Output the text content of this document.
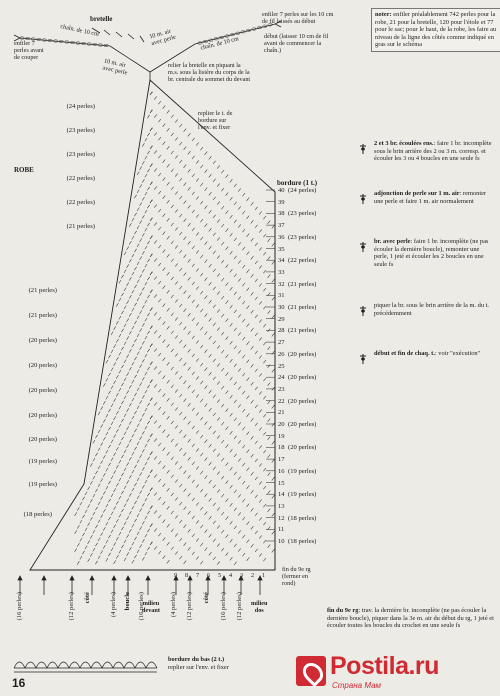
bretelle
chaîn. de 10 cm
chaîn. de 10 cm
10 m. air
avec perle
10 m. air
avec perle
enfiler 7
perles avant
de couper
enfiler 7 perles sur les 10 cm
de fil laissés au début
début (laisser 10 cm de fil
avant de commencer la
chaîn.)
relier la bretelle en piquant la
m.s. sous la lisière du corps de la
br. centrale du sommet du devant
replier le t. de
bordure sur
l'env. et fixer
noter: enfiler préalablement 742 perles pour la robe, 21 pour la bretelle, 120 pour l'étole et 77 pour le sac; pour le haut, de la robe, les faire au niveau de la ligne des côtés comme indiqué en gras sur le schéma
ROBE
2 et 3 br. écoulées ens.: faire 1 br. incomplète sous le brin arrière des 2 ou 3 m. corresp. et écouler les 3 ou 4 boucles en une seule fs
adjonction de perle sur 1 m. air: remonter une perle et faire 1 m. air normalement
br. avec perle: faire 1 br. incomplète (ne pas écouler la dernière boucle), remonter une perle, 1 jeté et écouler les 2 boucles en une seule fs
piquer la br. sous le brin arrière de la m. du t. précédemment
début et fin de chaq. t.: voir "exécution"
(24 perles)
(23 perles)
(23 perles)
(22 perles)
(22 perles)
(21 perles)
(21 perles)
(21 perles)
(20 perles)
(20 perles)
(20 perles)
(20 perles)
(20 perles)
(19 perles)
(19 perles)
(18 perles)
bordure (1 t.)
40 (24 perles)
39
38 (23 perles)
37
36 (23 perles)
35
34 (22 perles)
33
32 (21 perles)
31
30 (21 perles)
29
28 (21 perles)
27
26 (20 perles)
25
24 (20 perles)
23
22 (20 perles)
21
20 (20 perles)
19
18 (20 perles)
17
16 (19 perles)
15
14 (19 perles)
13
12 (18 perles)
11
10 (18 perles)
fin du 9e rg
(fermer en
rond)
(16 perles)	(12 perles) côté	(4 perles) boucle (16 perles)
milieu
devant (4 perles) (12 perles) côté (16 perles) (12 perles) milieu
dos
1
2
3
4
5
6
7
8
9
fin du 9e rg: trav. la dernière br. incomplète (ne pas écouler la dernière boucle), piquer dans la 3e m. air du début du rg, 1 jeté et écouler toutes les boucles du crochet en une seule fs
bordure du bas (2 t.)
replier sur l'env. et fixer
16
Postila.ru
Страна Мам
